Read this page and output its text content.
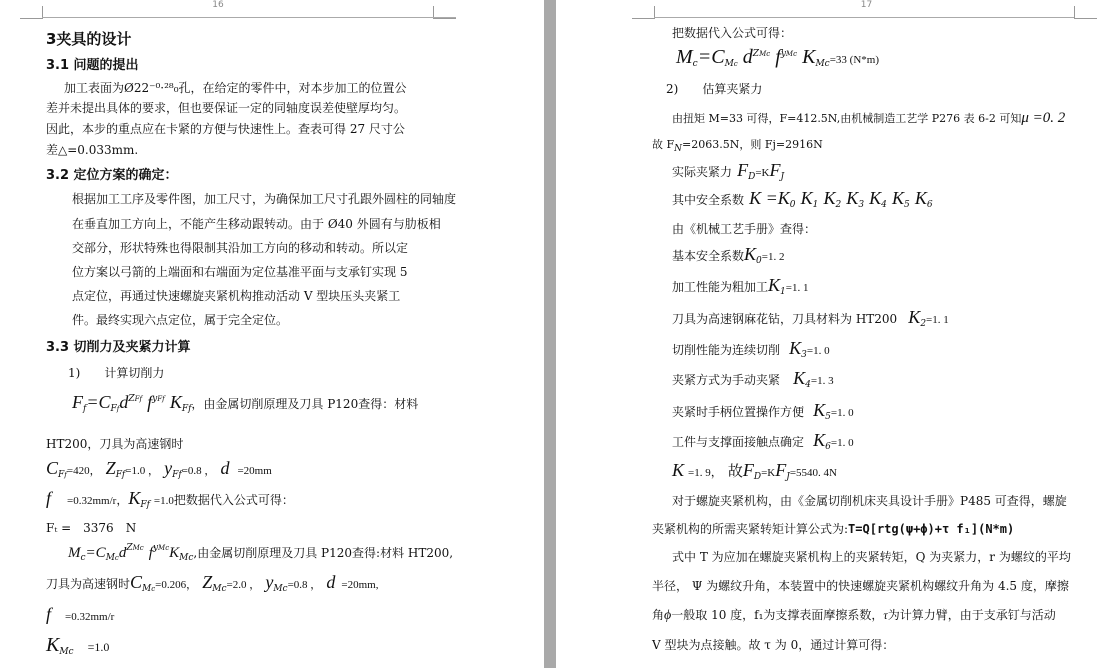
16
3夹具的设计
3.1 问题的提出
加工表面为Ø22⁻⁰·²⁸₀孔，在给定的零件中，对本步加工的位置公
差并未提出具体的要求，但也要保证一定的同轴度误差使壁厚均匀。
因此，本步的重点应在卡紧的方便与快速性上。查表可得 27 尺寸公
差△=0.033mm.
3.2 定位方案的确定：
根据加工工序及零件图，加工尺寸，为确保加工尺寸孔跟外圆柱的同轴度
在垂直加工方向上，不能产生移动跟转动。由于 Ø40 外圆有与肋板相
交部分，形状特殊也得限制其沿加工方向的移动和转动。所以定
位方案以弓箭的上端面和右端面为定位基准平面与支承钉实现 5
点定位，再通过快速螺旋夹紧机构推动活动 V 型块压头夹紧工
件。最终实现六点定位，属于完全定位。
3.3 切削力及夹紧力计算
1)　　计算切削力
$F_f=C_{Ff}d^{ZFf}$ $f^{yFf}$ $K_{Ff}$，由金属切削原理及刀具 P120查得：材料
HT200，刀具为高速钢时
$C_{Ff}=420$， $Z_{Ff}=1.0$ ， $y_{Ff}=0.8$ ， d =20mm
f =0.32mm/r，$K_{Ff} =1.0$把数据代入公式可得：
Fₜ =　3376　N
$M_c=C_{Mc}d^{ZMc}$ $f^{yMc}K_{Mc}$,由金属切削原理及刀具 P120查得:材料 HT200,
刀具为高速钢时$C_{Mc}=0.206$， $Z_{Mc}=2.0$ ， $y_{Mc}=0.8$ ， d =20mm,
f =0.32mm/r
$K_{Mc} =1.0$
17
把数据代入公式可得：
$M_c=C_{Mc}$ $d^{ZMc}$ $f^{yMc}$ $K_{Mc}=33$ (N*m)
2)　　估算夹紧力
由扭矩 M=33 可得，F=412.5N,由机械制造工艺学 P276 表 6-2 可知μ =0. 2
故 $F_N=2063.5N$，则 Fj=2916N
实际夹紧力 $F_D=KF_J$
其中安全系数 $K =K_0$ $K_1$ $K_2$ $K_3$ $K_4$ $K_5$ $K_6$
由《机械工艺手册》查得：
基本安全系数$K_0=1$. 2
加工性能为粗加工$K_1=1$. 1
刀具为高速钢麻花钻，刀具材料为 HT200 $K_2=1$. 1
切削性能为连续切削 $K_3=1$. 0
夹紧方式为手动夹紧 $K_4=1$. 3
夹紧时手柄位置操作方便 $K_5=1$. 0
工件与支撑面接触点确定 $K_6=1$. 0
K =1. 9， 故$F_D=KF_J=5540$. 4N
对于螺旋夹紧机构，由《金属切削机床夹具设计手册》P485 可查得，螺旋
夹紧机构的所需夹紧转矩计算公式为:T=Q[rtg(ψ+ϕ)+τ f₁](N*m)
式中 T 为应加在螺旋夹紧机构上的夹紧转矩，Q 为夹紧力，r 为螺纹的平均
半径， Ψ 为螺纹升角，本装置中的快速螺旋夹紧机构螺纹升角为 4.5 度，摩擦
角ϕ一般取 10 度，f₁为支撑表面摩擦系数，τ为计算力臂，由于支承钉与活动
V 型块为点接触。故 τ 为 0，通过计算可得：
